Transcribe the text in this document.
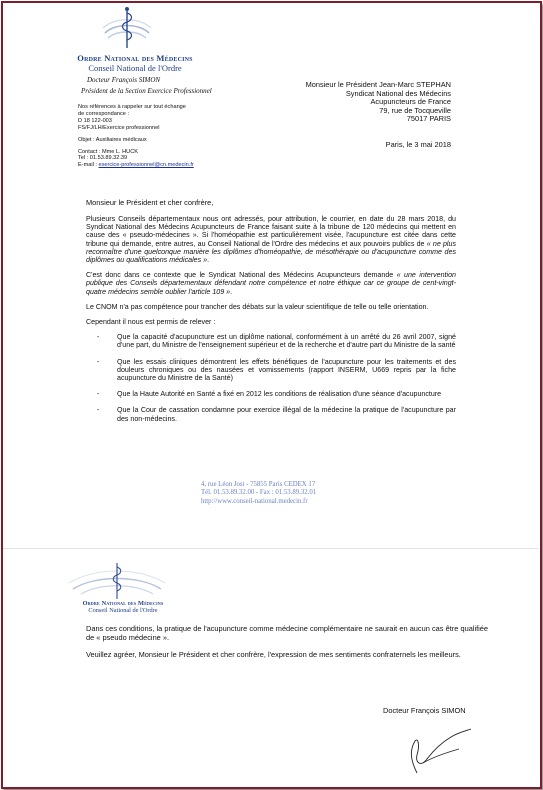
Ordre National des Médecins
Conseil National de l'Ordre
Docteur François SIMON
Président de la Section Exercice Professionnel
Nos références à rappeler sur tout échange
de correspondance :
D 18 122-003
FS/FJ/LH/Exercice professionnel
Objet : Auxiliaires médicaux
Contact : Mme L. HUCK
Tel : 01.53.89.32.39
E-mail : exercice-professionnel@cn.medecin.fr
Monsieur le Président Jean-Marc STEPHAN
Syndicat National des Médecins
Acupuncteurs de France
79, rue de Tocqueville
75017 PARIS
Paris, le 3 mai 2018
Monsieur le Président et cher confrère,

Plusieurs Conseils départementaux nous ont adressés, pour attribution, le courrier, en date du 28 mars 2018, du Syndicat National des Médecins Acupuncteurs de France faisant suite à la tribune de 120 médecins qui mettent en cause des « pseudo-médecines ». Si l'homéopathie est particulièrement visée, l'acupuncture est citée dans cette tribune qui demande, entre autres, au Conseil National de l'Ordre des médecins et aux pouvoirs publics de « ne plus reconnaître d'une quelconque manière les diplômes d'homéopathie, de mésothérapie ou d'acupuncture comme des diplômes ou qualifications médicales ».

C'est donc dans ce contexte que le Syndicat National des Médecins Acupuncteurs demande « une intervention publique des Conseils départementaux défendant notre compétence et notre éthique car ce groupe de cent-vingt-quatre médecins semble oublier l'article 109 ».

Le CNOM n'a pas compétence pour trancher des débats sur la valeur scientifique de telle ou telle orientation.

Cependant il nous est permis de relever :

- Que la capacité d'acupuncture est un diplôme national, conformément à un arrêté du 26 avril 2007, signé d'une part, du Ministre de l'enseignement supérieur et de la recherche et d'autre part du Ministre de la santé
- Que les essais cliniques démontrent les effets bénéfiques de l'acupuncture pour les traitements et des douleurs chroniques ou des nausées et vomissements (rapport INSERM, U669 repris par la fiche acupuncture du Ministre de la Santé)
- Que la Haute Autorité en Santé a fixé en 2012 les conditions de réalisation d'une séance d'acupuncture
- Que la Cour de cassation condamne pour exercice illégal de la médecine la pratique de l'acupuncture par des non-médecins.
4, rue Léon Jost - 75855 Paris CEDEX 17
Tél. 01.53.89.32.00 - Fax : 01.53.89.32.01
http://www.conseil-national.medecin.fr
Ordre National des Médecins
Conseil National de l'Ordre

Dans ces conditions, la pratique de l'acupuncture comme médecine complémentaire ne saurait en aucun cas être qualifiée de « pseudo médecine ».

Veuillez agréer, Monsieur le Président et cher confrère, l'expression de mes sentiments confraternels les meilleurs.

Docteur François SIMON
